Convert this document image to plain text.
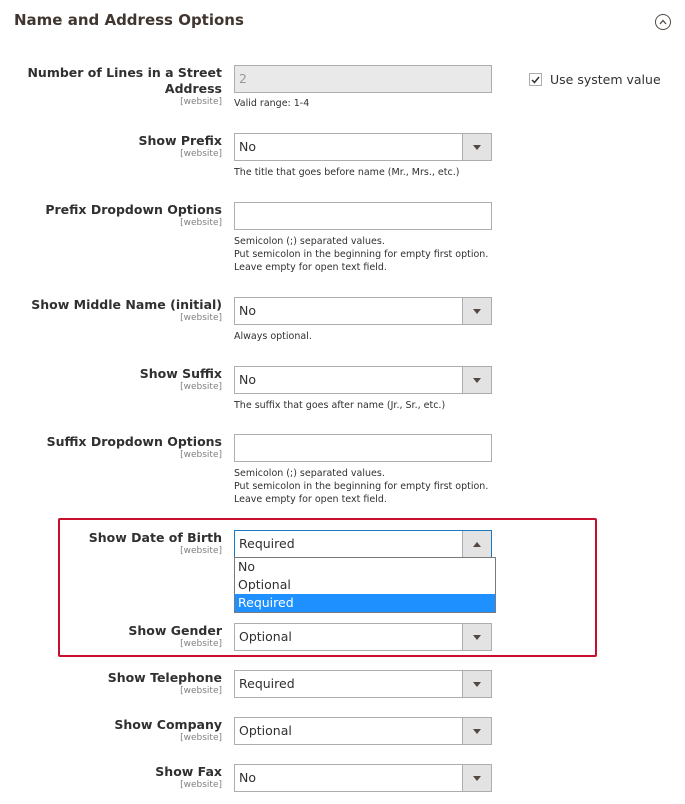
Name and Address Options
Number of Lines in a Street
Address
[website]
2
Valid range: 1-4
Use system value
Show Prefix
[website]	No
The title that goes before name (Mr., Mrs., etc.)
Prefix Dropdown Options
[website]
Semicolon (;) separated values.
Put semicolon in the beginning for empty first option.
Leave empty for open text field.
Show Middle Name (initial)
[website]	No
Always optional.
Show Suffix
[website]	No
The suffix that goes after name (Jr., Sr., etc.)
Suffix Dropdown Options
[website]
Semicolon (;) separated values.
Put semicolon in the beginning for empty first option.
Leave empty for open text field.
Show Date of Birth
[website]	Required
No
Optional
Required
Show Gender
[website]	Optional
Show Telephone
[website]	Required
Show Company
[website]	Optional
Show Fax
[website]	No
